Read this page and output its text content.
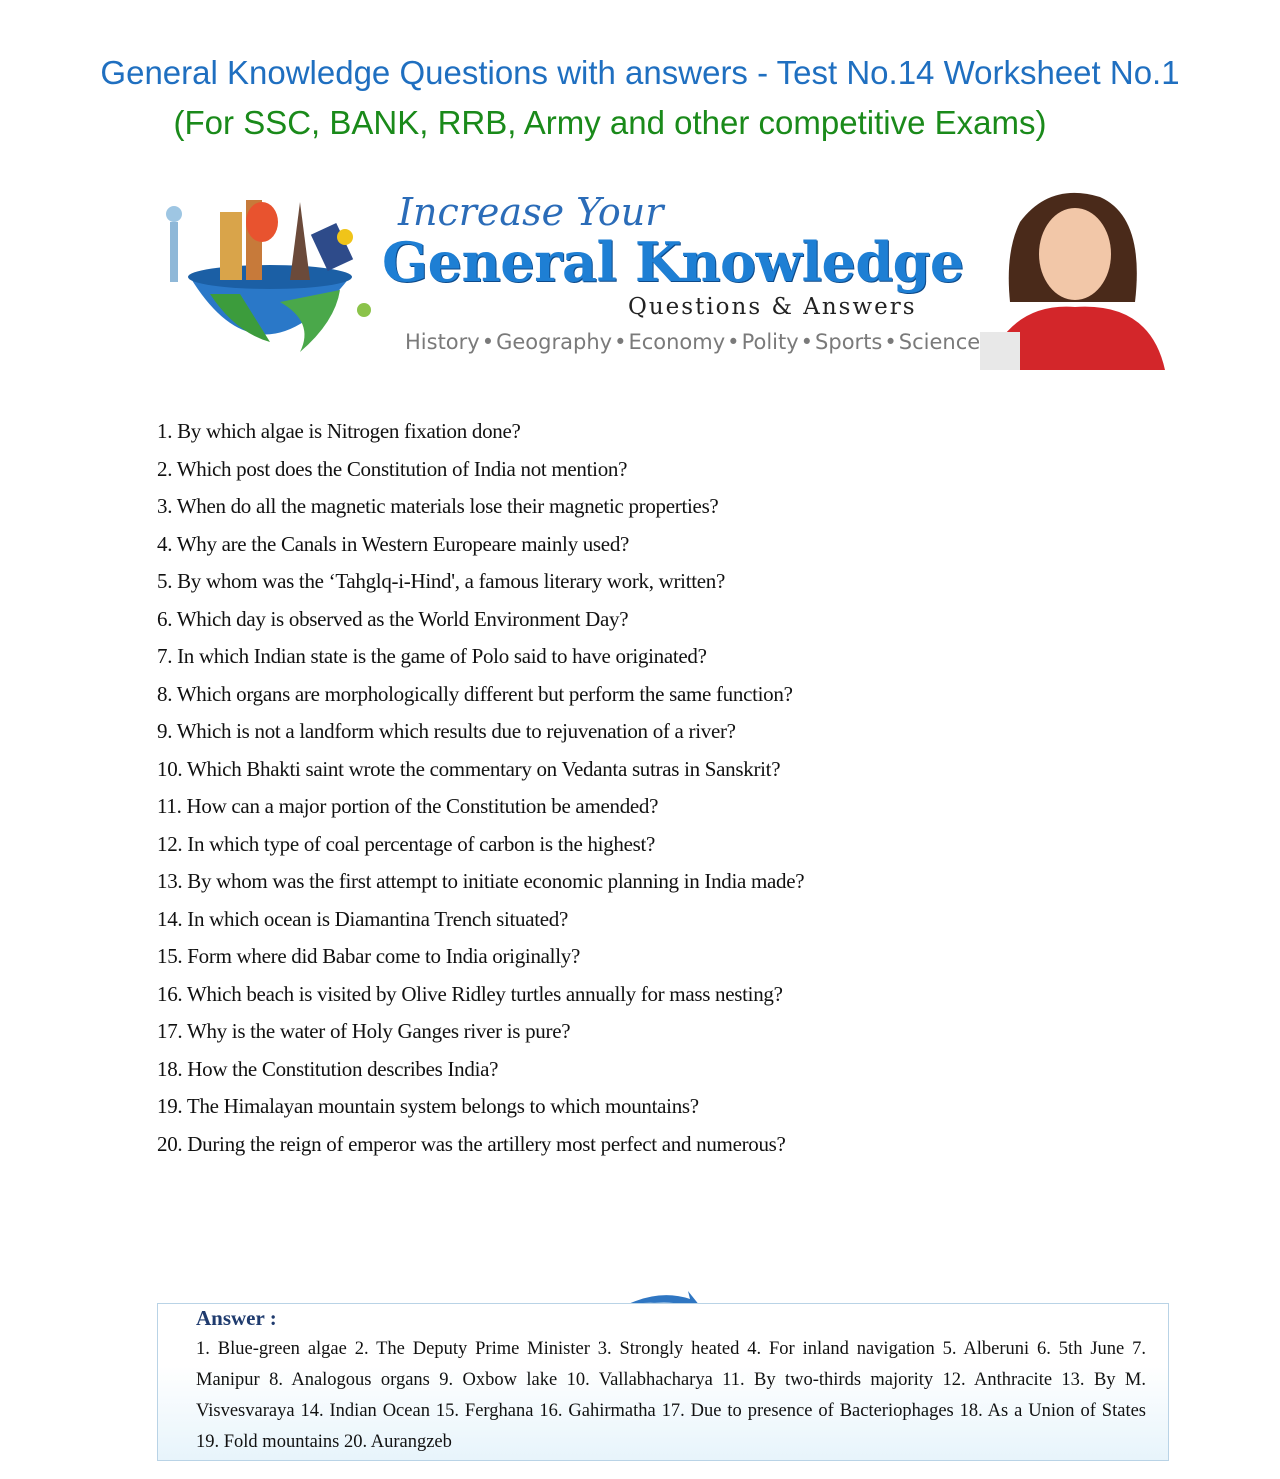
General Knowledge Questions with answers - Test No.14 Worksheet No.1
(For SSC, BANK, RRB, Army and other competitive Exams)
Increase Your
General Knowledge
Questions & Answers
History•Geography•Economy•Polity•Sports•Science
1. By which algae is Nitrogen fixation done?
2. Which post does the Constitution of India not mention?
3. When do all the magnetic materials lose their magnetic properties?
4. Why are the Canals in Western Europeare mainly used?
5. By whom was the ‘Tahglq-i-Hind', a famous literary work, written?
6. Which day is observed as the World Environment Day?
7. In which Indian state is the game of Polo said to have originated?
8. Which organs are morphologically different but perform the same function?
9. Which is not a landform which results due to rejuvenation of a river?
10. Which Bhakti saint wrote the commentary on Vedanta sutras in Sanskrit?
11. How can a major portion of the Constitution be amended?
12. In which type of coal percentage of carbon is the highest?
13. By whom was the first attempt to initiate economic planning in India made?
14. In which ocean is Diamantina Trench situated?
15. Form where did Babar come to India originally?
16. Which beach is visited by Olive Ridley turtles annually for mass nesting?
17. Why is the water of Holy Ganges river is pure?
18. How the Constitution describes India?
19. The Himalayan mountain system belongs to which mountains?
20. During the reign of emperor was the artillery most perfect and numerous?
Answer :
1. Blue-green algae 2. The Deputy Prime Minister 3. Strongly heated 4. For inland navigation 5. Alberuni 6. 5th June 7. Manipur 8. Analogous organs 9. Oxbow lake 10. Vallabhacharya 11. By two-thirds majority 12. Anthracite 13. By M. Visvesvaraya 14. Indian Ocean 15. Ferghana 16. Gahirmatha 17. Due to presence of Bacteriophages 18. As a Union of States 19. Fold mountains 20. Aurangzeb
